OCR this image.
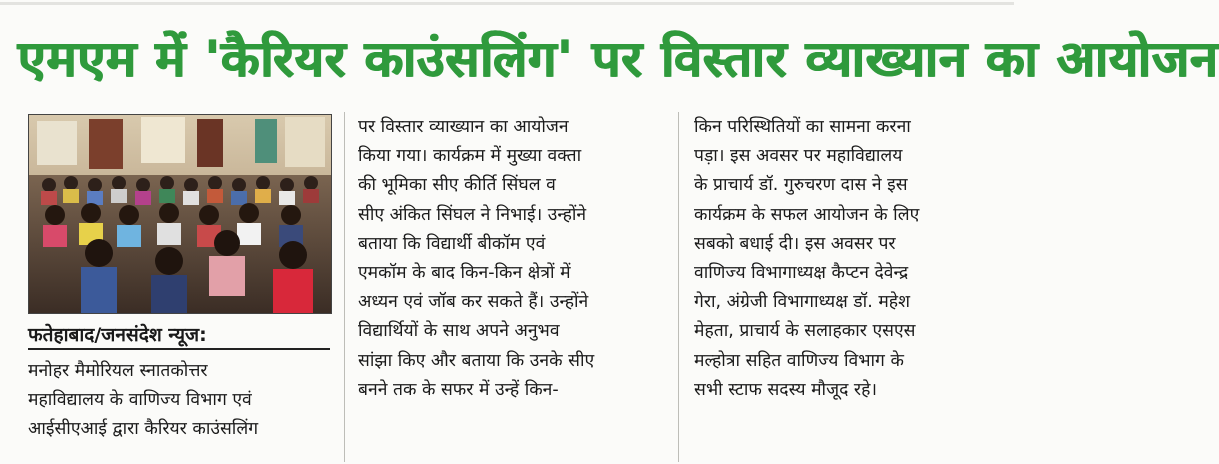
एमएम में 'कैरियर काउंसलिंग' पर विस्तार व्याख्यान का आयोजन
फतेहाबाद/जनसंदेश न्यूज:
मनोहर मैमोरियल स्नातकोत्तर
महाविद्यालय के वाणिज्य विभाग एवं
आईसीएआई द्वारा कैरियर काउंसलिंग
पर विस्तार व्याख्यान का आयोजन
किया गया। कार्यक्रम में मुख्या वक्ता
की भूमिका सीए कीर्ति सिंघल व
सीए अंकित सिंघल ने निभाई। उन्होंने
बताया कि विद्यार्थी बीकॉम एवं
एमकॉम के बाद किन-किन क्षेत्रों में
अध्यन एवं जॉब कर सकते हैं। उन्होंने
विद्यार्थियों के साथ अपने अनुभव
सांझा किए और बताया कि उनके सीए
बनने तक के सफर में उन्हें किन-
किन परिस्थितियों का सामना करना
पड़ा। इस अवसर पर महाविद्यालय
के प्राचार्य डॉ. गुरुचरण दास ने इस
कार्यक्रम के सफल आयोजन के लिए
सबको बधाई दी। इस अवसर पर
वाणिज्य विभागाध्यक्ष कैप्टन देवेन्द्र
गेरा, अंग्रेजी विभागाध्यक्ष डॉ. महेश
मेहता, प्राचार्य के सलाहकार एसएस
मल्होत्रा सहित वाणिज्य विभाग के
सभी स्टाफ सदस्य मौजूद रहे।
